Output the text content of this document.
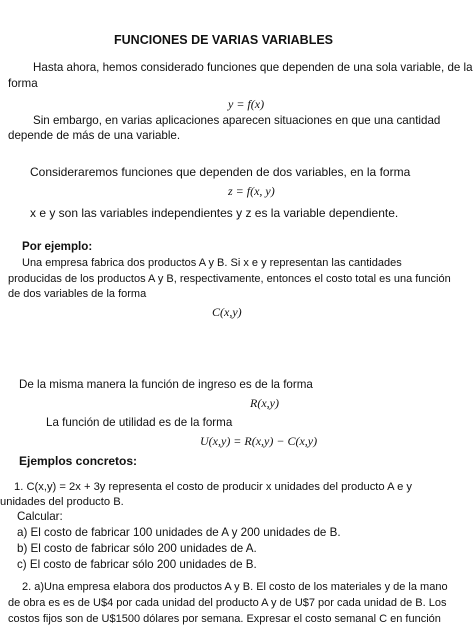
FUNCIONES DE VARIAS VARIABLES
Hasta ahora, hemos considerado funciones que dependen de una sola variable, de la
forma
y = f(x)
Sin embargo, en varias aplicaciones aparecen situaciones en que una cantidad
depende de más de una variable.
Consideraremos funciones que dependen de dos variables, en la forma
z = f(x, y)
x e y son las variables independientes y z es la variable dependiente.
Por ejemplo:
Una empresa fabrica dos productos A y B. Si x e y representan las cantidades
producidas de los productos A y B, respectivamente, entonces el costo total es una función
de dos variables de la forma
C(x,y)
De la misma manera la función de ingreso es de la forma
R(x,y)
La función de utilidad es de la forma
U(x,y) = R(x,y) − C(x,y)
Ejemplos concretos:
1. C(x,y) = 2x + 3y representa el costo de producir x unidades del producto A e y
unidades del producto B.
Calcular:
a) El costo de fabricar 100 unidades de A y 200 unidades de B.
b) El costo de fabricar sólo 200 unidades de A.
c) El costo de fabricar sólo 200 unidades de B.
2. a)Una empresa elabora dos productos A y B. El costo de los materiales y de la mano
de obra es es de U$4 por cada unidad del producto A y de U$7 por cada unidad de B. Los
costos fijos son de U$1500 dólares por semana. Expresar el costo semanal C en función
